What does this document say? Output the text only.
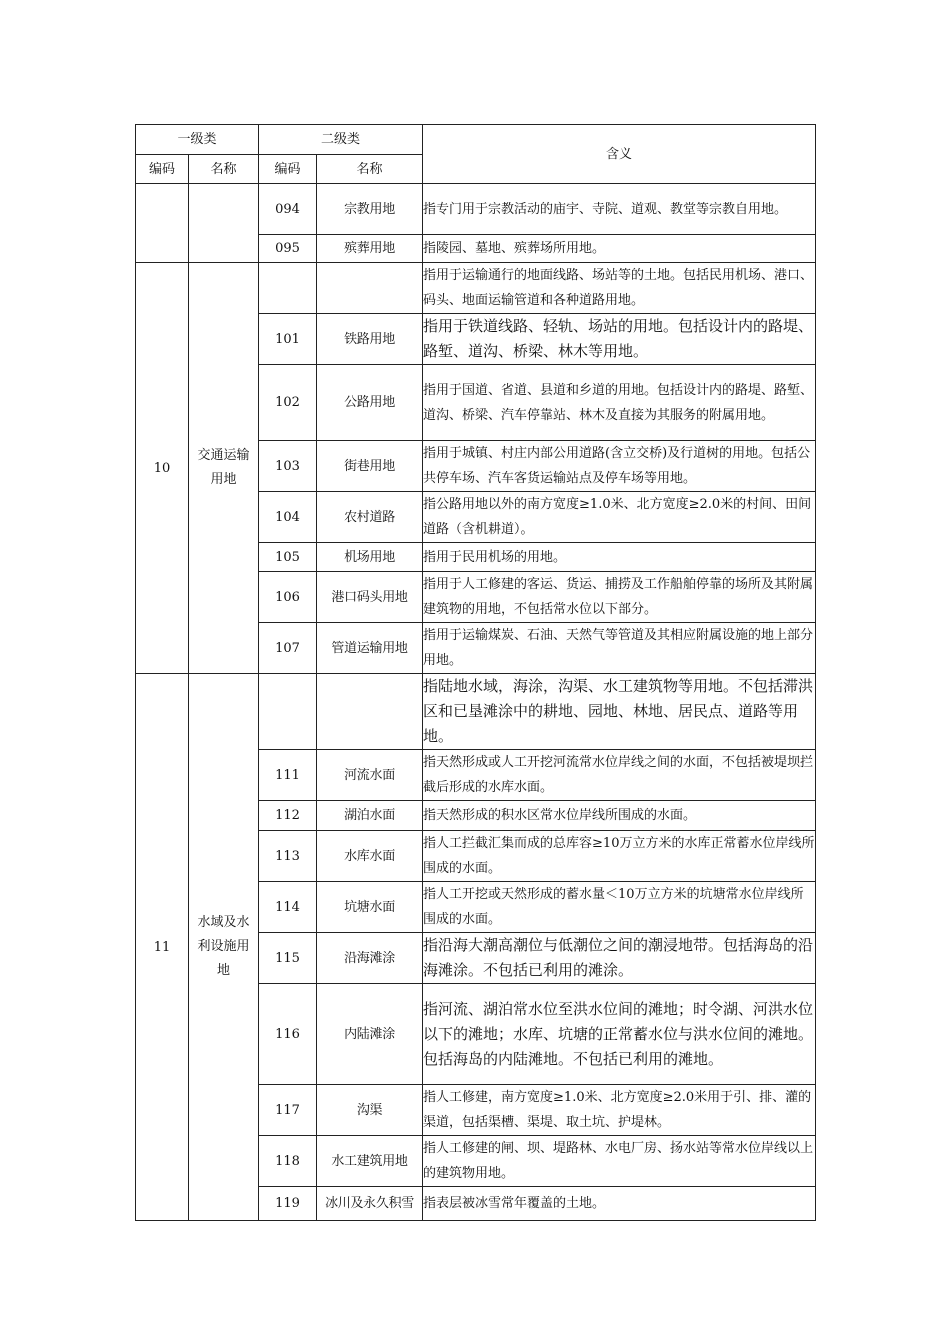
一级类		二级类		含义
编码	名称	编码	名称	
		094	宗教用地	指专门用于宗教活动的庙宇、寺院、道观、教堂等宗教自用地。
		095	殡葬用地	指陵园、墓地、殡葬场所用地。
10	交通运输用地			指用于运输通行的地面线路、场站等的土地。包括民用机场、港口、码头、地面运输管道和各种道路用地。
		101	铁路用地	指用于铁道线路、轻轨、场站的用地。包括设计内的路堤、路堑、道沟、桥梁、林木等用地。
		102	公路用地	指用于国道、省道、县道和乡道的用地。包括设计内的路堤、路堑、道沟、桥梁、汽车停靠站、林木及直接为其服务的附属用地。
		103	街巷用地	指用于城镇、村庄内部公用道路(含立交桥)及行道树的用地。包括公共停车场、汽车客货运输站点及停车场等用地。
		104	农村道路	指公路用地以外的南方宽度≥1.0米、北方宽度≥2.0米的村间、田间道路（含机耕道）。
		105	机场用地	指用于民用机场的用地。
		106	港口码头用地	指用于人工修建的客运、货运、捕捞及工作船舶停靠的场所及其附属建筑物的用地，不包括常水位以下部分。
		107	管道运输用地	指用于运输煤炭、石油、天然气等管道及其相应附属设施的地上部分用地。
11	水域及水利设施用地			指陆地水域，海涂，沟渠、水工建筑物等用地。不包括滞洪区和已垦滩涂中的耕地、园地、林地、居民点、道路等用地。
		111	河流水面	指天然形成或人工开挖河流常水位岸线之间的水面，不包括被堤坝拦截后形成的水库水面。
		112	湖泊水面	指天然形成的积水区常水位岸线所围成的水面。
		113	水库水面	指人工拦截汇集而成的总库容≥10万立方米的水库正常蓄水位岸线所围成的水面。
		114	坑塘水面	指人工开挖或天然形成的蓄水量＜10万立方米的坑塘常水位岸线所围成的水面。
		115	沿海滩涂	指沿海大潮高潮位与低潮位之间的潮浸地带。包括海岛的沿海滩涂。不包括已利用的滩涂。
		116	内陆滩涂	指河流、湖泊常水位至洪水位间的滩地；时令湖、河洪水位以下的滩地；水库、坑塘的正常蓄水位与洪水位间的滩地。包括海岛的内陆滩地。不包括已利用的滩地。
		117	沟渠	指人工修建，南方宽度≥1.0米、北方宽度≥2.0米用于引、排、灌的渠道，包括渠槽、渠堤、取土坑、护堤林。
		118	水工建筑用地	指人工修建的闸、坝、堤路林、水电厂房、扬水站等常水位岸线以上的建筑物用地。
		119	冰川及永久积雪	指表层被冰雪常年覆盖的土地。
